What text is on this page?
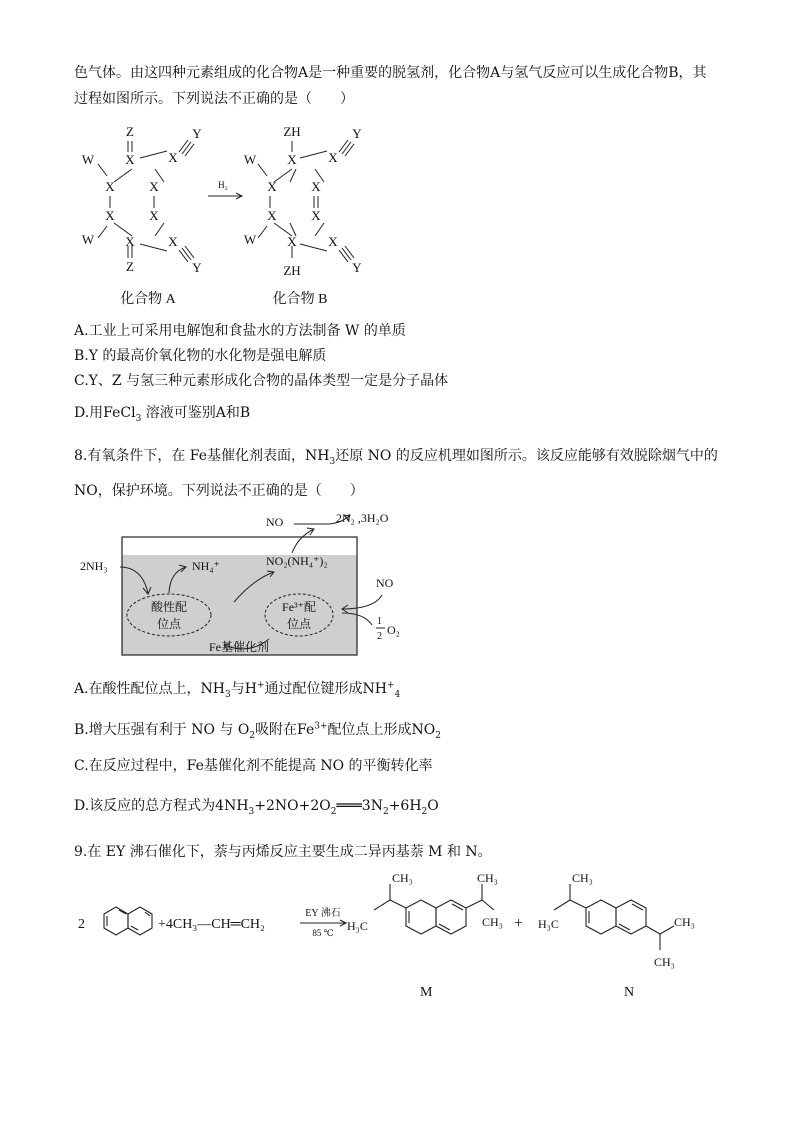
色气体。由这四种元素组成的化合物A是一种重要的脱氢剂，化合物A与氢气反应可以生成化合物B，其
过程如图所示。下列说法不正确的是（　　）
Z
X	X
Y
W
X	X
X	X
W X	X
Z	Y
H₂
ZH
X X
Y
W
X	X
X	X
W X X
ZH	Y
化合物 A	化合物 B
A.工业上可采用电解饱和食盐水的方法制备 W 的单质
B.Y 的最高价氧化物的水化物是强电解质
C.Y、Z 与氢三种元素形成化合物的晶体类型一定是分子晶体
D.用FeCl$_3$ 溶液可鉴别A和B
8.有氧条件下，在 Fe基催化剂表面，$NH_3$还原 NO 的反应机理如图所示。该反应能够有效脱除烟气中的
NO，保护环境。下列说法不正确的是（　　）
2NH₃	NH₄⁺	NO₂(NH₄⁺)₂
NO	2N₂ ,3H₂O
NO
1
2 O₂
酸性配
位点
Fe³⁺配
位点
Fe基催化剂
A.在酸性配位点上，$NH_3$与H+通过配位键形成$NH^+_4$
B.增大压强有利于 NO 与 $O_2$吸附在$Fe^{3+}$配位点上形成$NO_2$
C.在反应过程中，Fe基催化剂不能提高 NO 的平衡转化率
D.该反应的总方程式为$4NH_3+2NO+2O_2═══3N_2+6H_2O$
9.在 EY 沸石催化下，萘与丙烯反应主要生成二异丙基萘 M 和 N。
2	+4CH₃—CH═CH₂
EY 沸石
85 ℃
CH₃
H₃C
CH₃
CH₃ +
CH₃
H₃C	CH₃
CH₃
M	N
